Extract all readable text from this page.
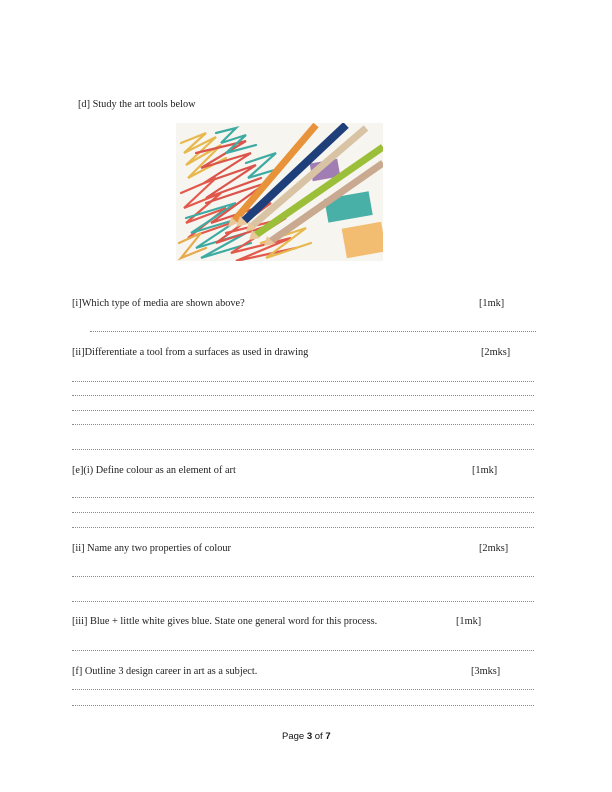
[d] Study the art tools below
[i]Which type of media are shown above?	[1mk]
[ii]Differentiate a tool from a surfaces as used in drawing	[2mks]
[e](i) Define colour as an element of art	[1mk]
[ii] Name any two properties of colour	[2mks]
[iii] Blue + little white gives blue. State one general word for this process.	[1mk]
[f] Outline 3 design career in art as a subject.	[3mks]
Page 3 of 7
